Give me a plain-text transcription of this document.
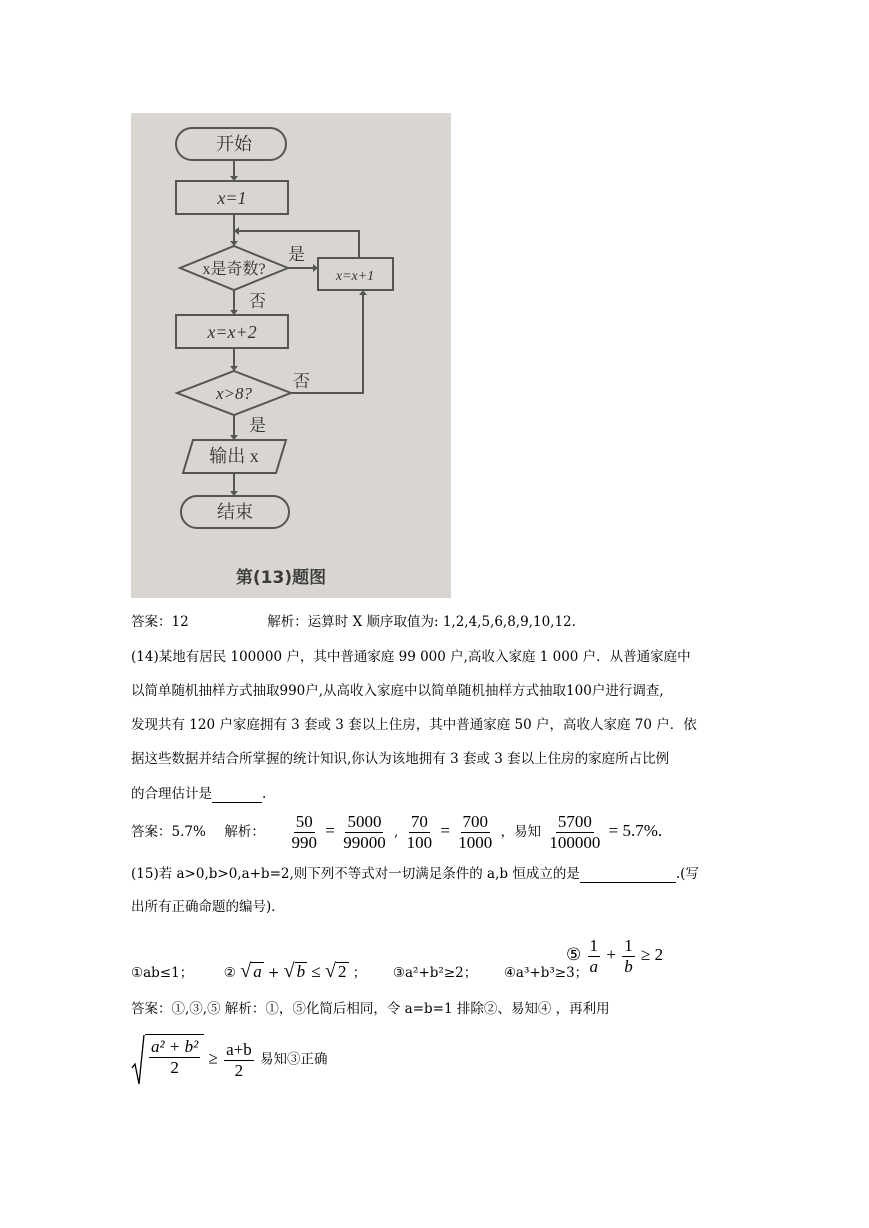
开始
x=1
x是奇数?
是
x=x+1
否
x=x+2
x>8?
否
是
输出 x
结束
第(13)题图
答案：12	解析：运算时 X 顺序取值为: 1,2,4,5,6,8,9,10,12.
(14)某地有居民 100000 户，其中普通家庭 99 000 户,高收入家庭 1 000 户．从普通家庭中
以简单随机抽样方式抽取990户,从高收入家庭中以简单随机抽样方式抽取100户进行调查,
发现共有 120 户家庭拥有 3 套或 3 套以上住房，其中普通家庭 50 户，高收人家庭 70 户．依
据这些数据并结合所掌握的统计知识,你认为该地拥有 3 套或 3 套以上住房的家庭所占比例
的合理估计是	.
答案：5.7% 解析： $\frac{50}{990} = \frac{5000}{99000}$ , $\frac{70}{100} = \frac{700}{1000}$ ，易知 $\frac{5700}{100000} = 5.7\%$.
(15)若 a>0,b>0,a+b=2,则下列不等式对一切满足条件的 a,b 恒成立的是	.(写
出所有正确命题的编号)．
①ab≤1； ② √ a + √ b ≤ √ 2 ； ③a²+b²≥2； ④a³+b³≥3；
⑤ $\frac{1}{a} + \frac{1}{b} \ge 2$
答案：①,③,⑤ 解析：①，⑤化简后相同，令 a=b=1 排除②、易知④ ，再利用
$\frac{\text{a² + b²}}{2} \ge \frac{a+b}{2}$ 易知③正确
